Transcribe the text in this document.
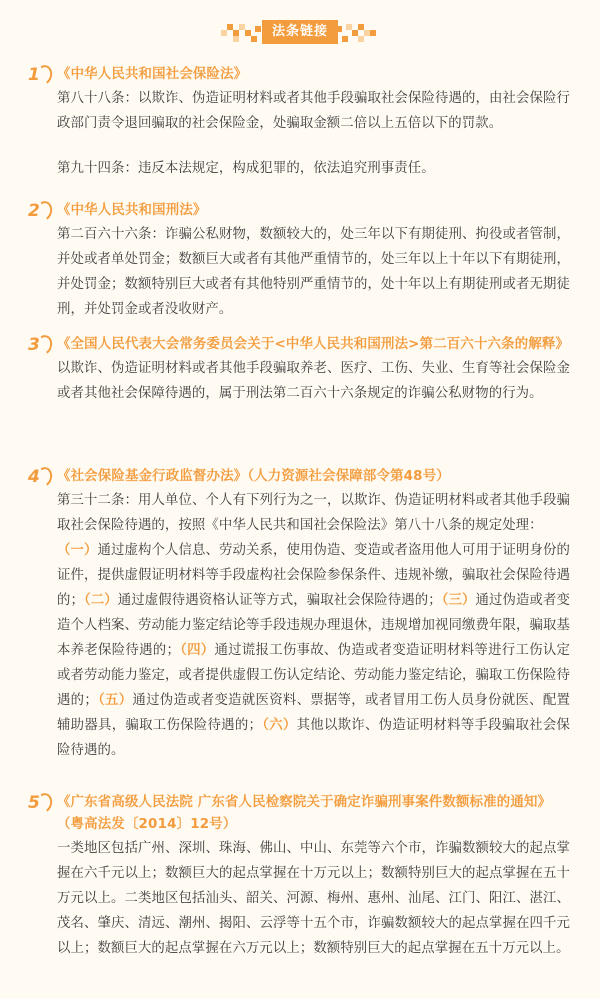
法条链接
1 《中华人民共和国社会保险法》
第八十八条：以欺诈、伪造证明材料或者其他手段骗取社会保险待遇的，由社会保险行政部门责令退回骗取的社会保险金，处骗取金额二倍以上五倍以下的罚款。
第九十四条：违反本法规定，构成犯罪的，依法追究刑事责任。
2 《中华人民共和国刑法》
第二百六十六条：诈骗公私财物，数额较大的，处三年以下有期徒刑、拘役或者管制，并处或者单处罚金；数额巨大或者有其他严重情节的，处三年以上十年以下有期徒刑，并处罚金；数额特别巨大或者有其他特别严重情节的，处十年以上有期徒刑或者无期徒刑，并处罚金或者没收财产。
3 《全国人民代表大会常务委员会关于<中华人民共和国刑法>第二百六十六条的解释》
以欺诈、伪造证明材料或者其他手段骗取养老、医疗、工伤、失业、生育等社会保险金或者其他社会保障待遇的，属于刑法第二百六十六条规定的诈骗公私财物的行为。
4 《社会保险基金行政监督办法》（人力资源社会保障部令第48号）
第三十二条：用人单位、个人有下列行为之一，以欺诈、伪造证明材料或者其他手段骗取社会保险待遇的，按照《中华人民共和国社会保险法》第八十八条的规定处理：
（一）通过虚构个人信息、劳动关系，使用伪造、变造或者盗用他人可用于证明身份的证件，提供虚假证明材料等手段虚构社会保险参保条件、违规补缴，骗取社会保险待遇的；（二）通过虚假待遇资格认证等方式，骗取社会保险待遇的；（三）通过伪造或者变造个人档案、劳动能力鉴定结论等手段违规办理退休，违规增加视同缴费年限，骗取基本养老保险待遇的；（四）通过谎报工伤事故、伪造或者变造证明材料等进行工伤认定或者劳动能力鉴定，或者提供虚假工伤认定结论、劳动能力鉴定结论，骗取工伤保险待遇的；（五）通过伪造或者变造就医资料、票据等，或者冒用工伤人员身份就医、配置辅助器具，骗取工伤保险待遇的；（六）其他以欺诈、伪造证明材料等手段骗取社会保险待遇的。
5 《广东省高级人民法院 广东省人民检察院关于确定诈骗刑事案件数额标准的通知》（粤高法发〔2014〕12号）
一类地区包括广州、深圳、珠海、佛山、中山、东莞等六个市，诈骗数额较大的起点掌握在六千元以上；数额巨大的起点掌握在十万元以上；数额特别巨大的起点掌握在五十万元以上。二类地区包括汕头、韶关、河源、梅州、惠州、汕尾、江门、阳江、湛江、茂名、肇庆、清远、潮州、揭阳、云浮等十五个市，诈骗数额较大的起点掌握在四千元以上；数额巨大的起点掌握在六万元以上；数额特别巨大的起点掌握在五十万元以上。
